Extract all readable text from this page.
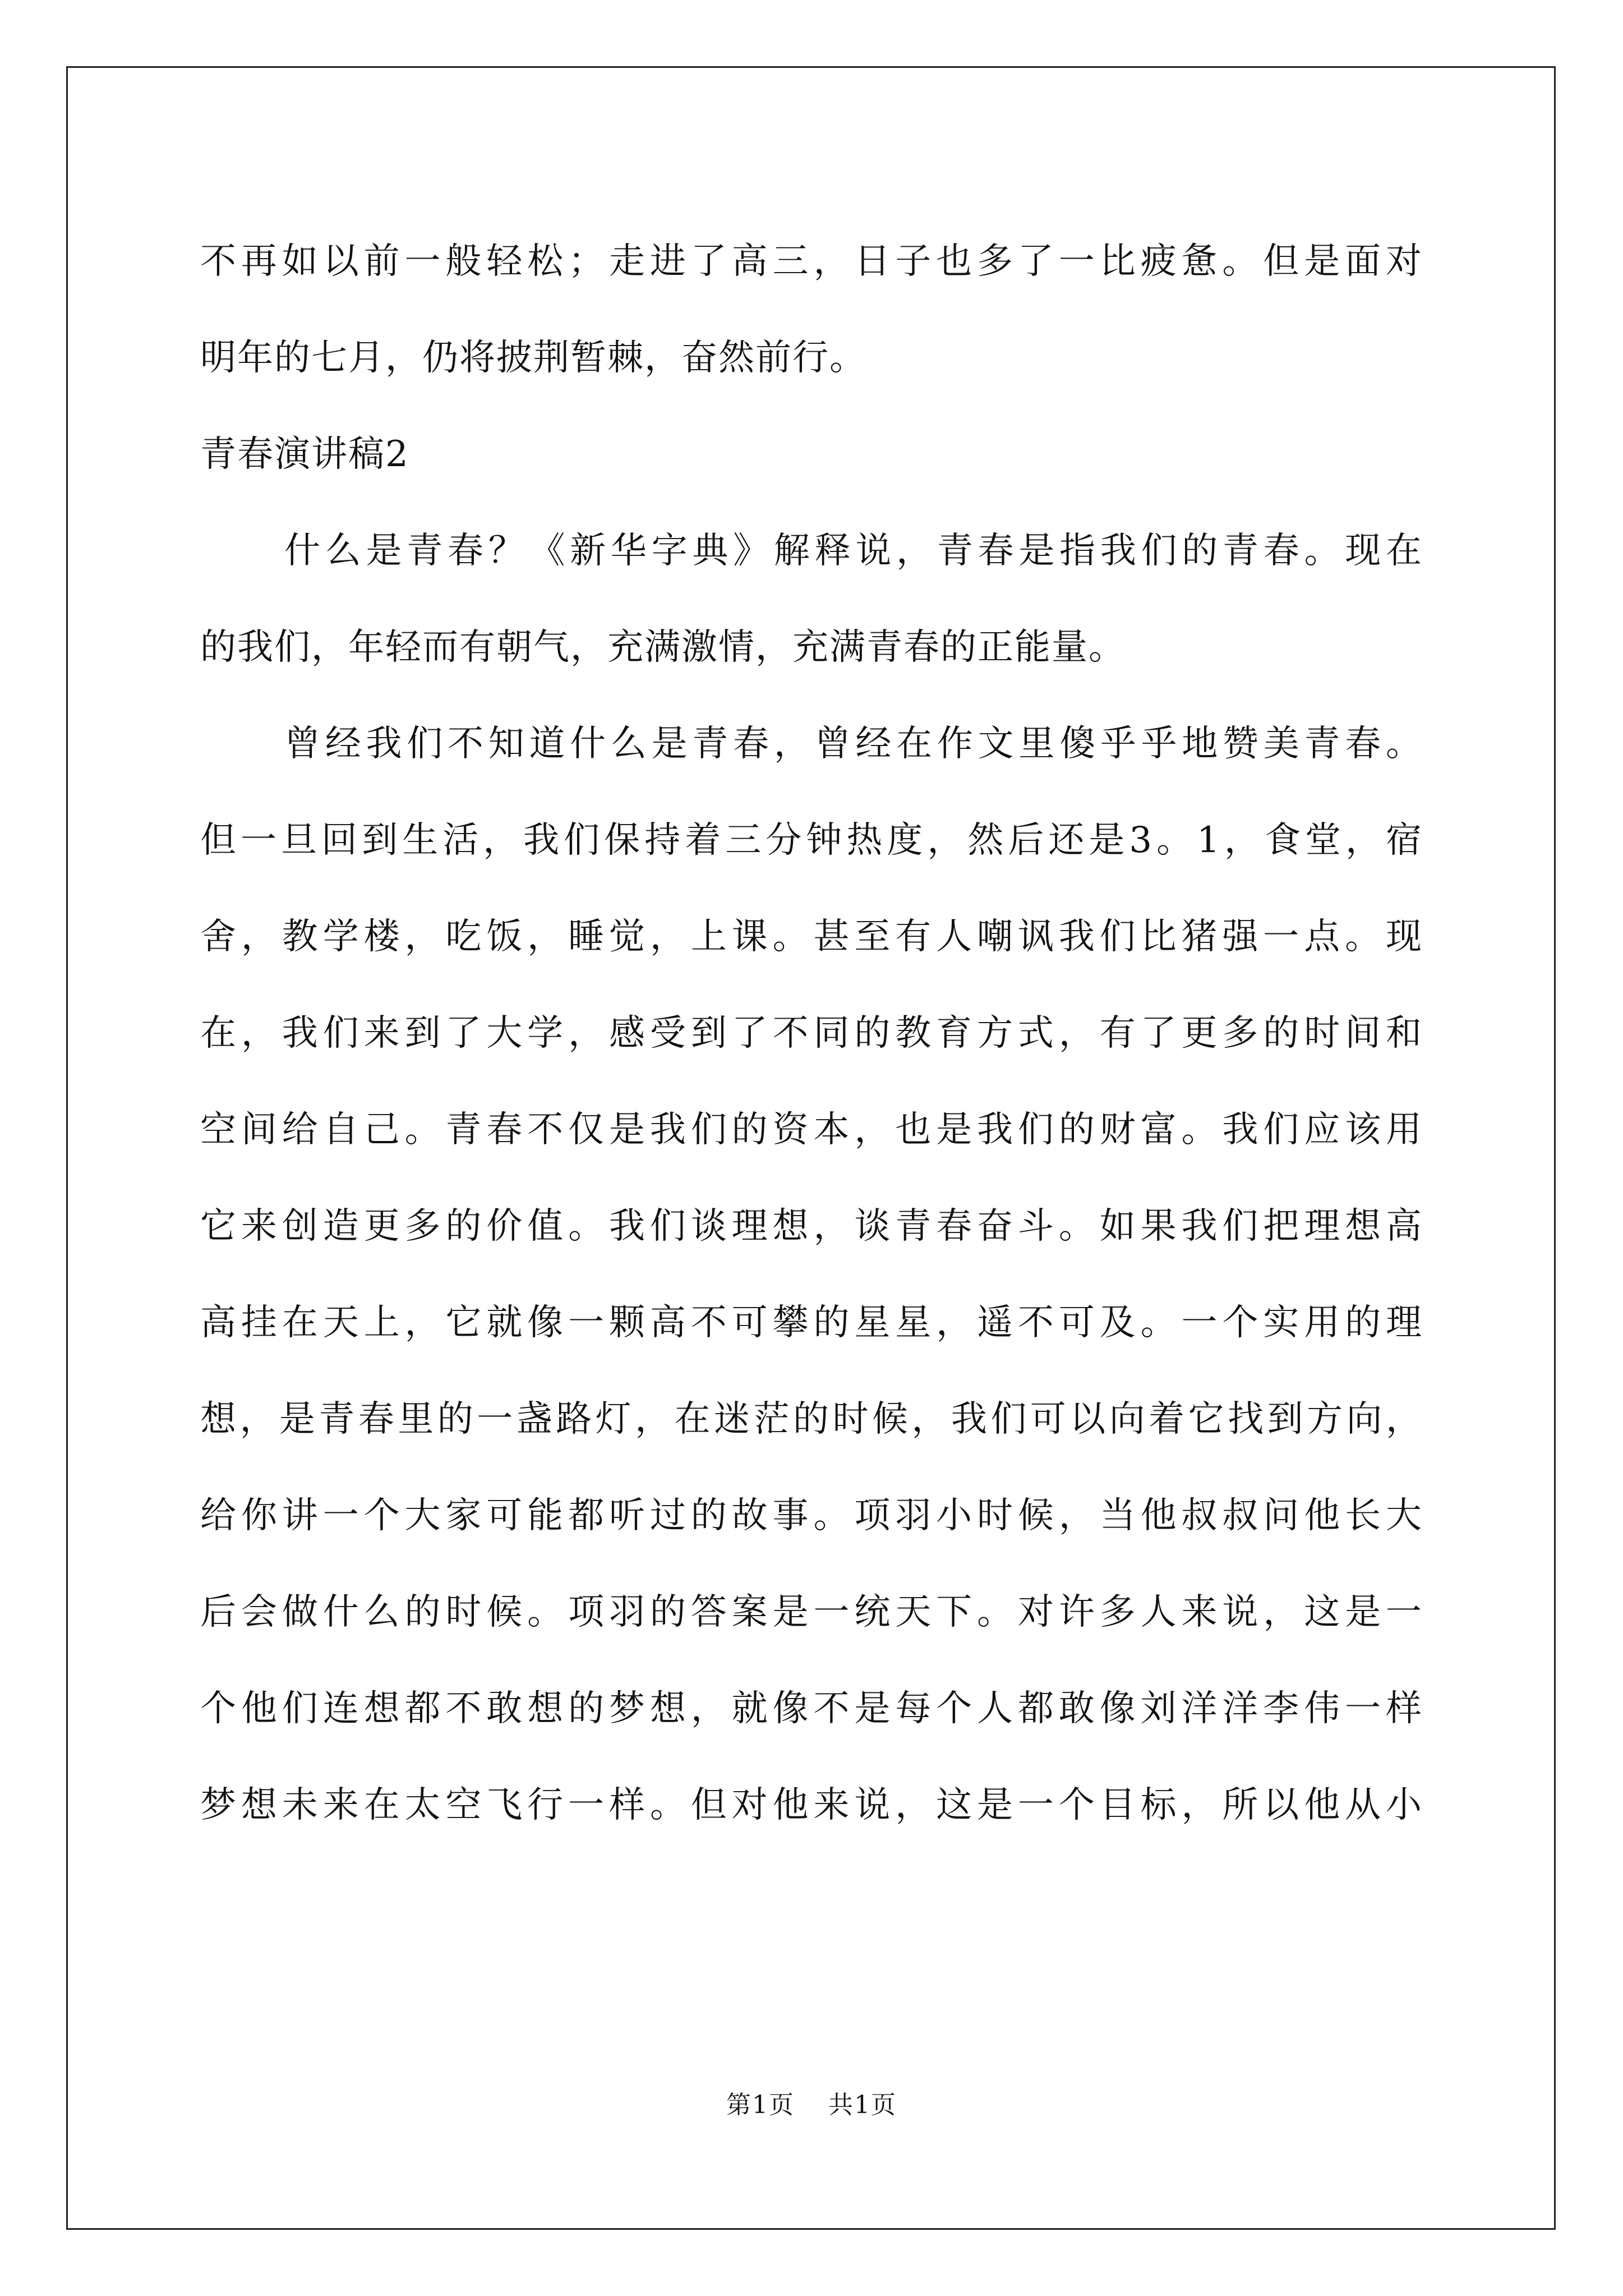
不再如以前一般轻松；走进了高三，日子也多了一比疲惫。但是面对
明年的七月，仍将披荆暂棘，奋然前行。
青春演讲稿2
什么是青春？《新华字典》解释说，青春是指我们的青春。现在
的我们，年轻而有朝气，充满激情，充满青春的正能量。
曾经我们不知道什么是青春，曾经在作文里傻乎乎地赞美青春。
但一旦回到生活，我们保持着三分钟热度，然后还是3。1，食堂，宿
舍，教学楼，吃饭，睡觉，上课。甚至有人嘲讽我们比猪强一点。现
在，我们来到了大学，感受到了不同的教育方式，有了更多的时间和
空间给自己。青春不仅是我们的资本，也是我们的财富。我们应该用
它来创造更多的价值。我们谈理想，谈青春奋斗。如果我们把理想高
高挂在天上，它就像一颗高不可攀的星星，遥不可及。一个实用的理
想，是青春里的一盏路灯，在迷茫的时候，我们可以向着它找到方向，
给你讲一个大家可能都听过的故事。项羽小时候，当他叔叔问他长大
后会做什么的时候。项羽的答案是一统天下。对许多人来说，这是一
个他们连想都不敢想的梦想，就像不是每个人都敢像刘洋洋李伟一样
梦想未来在太空飞行一样。但对他来说，这是一个目标，所以他从小
第1页 共1页
